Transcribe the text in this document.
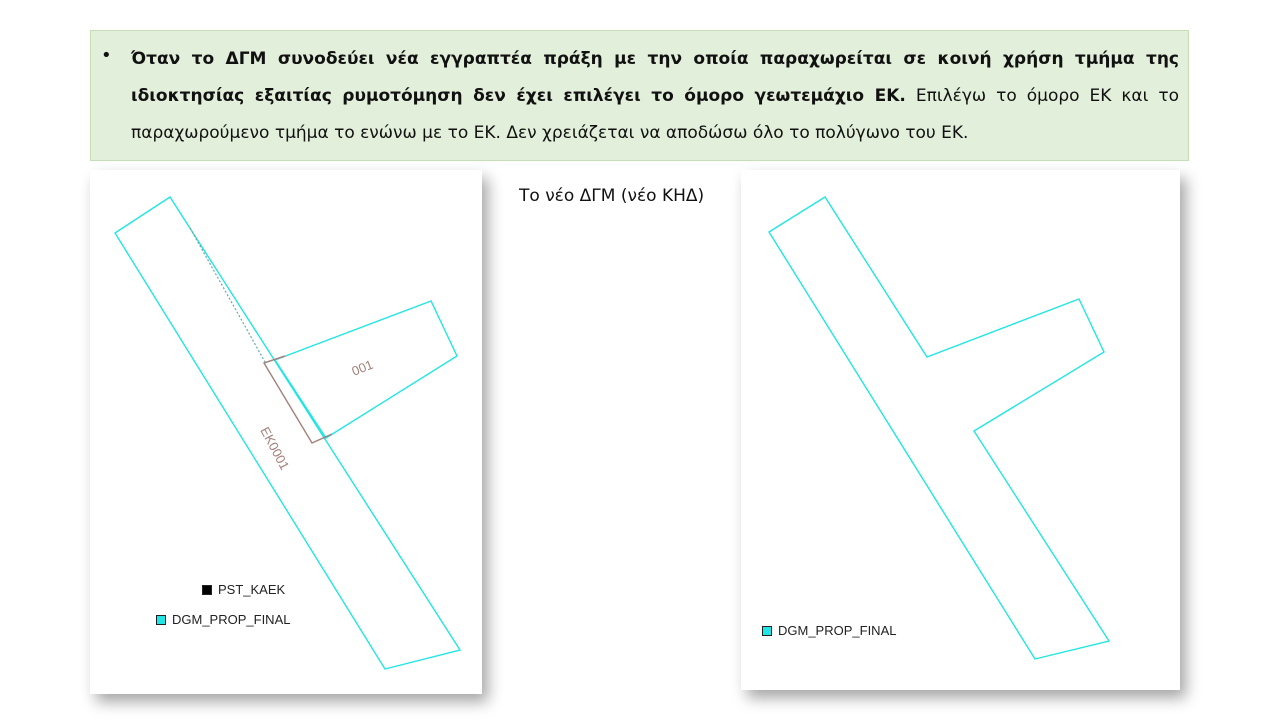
• Όταν το ΔΓΜ συνοδεύει νέα εγγραπτέα πράξη με την οποία παραχωρείται σε κοινή χρήση τμήμα της ιδιοκτησίας εξαιτίας ρυμοτόμηση δεν έχει επιλέγει το όμορο γεωτεμάχιο ΕΚ. Επιλέγω το όμορο ΕΚ και το παραχωρούμενο τμήμα το ενώνω με το ΕΚ. Δεν χρειάζεται να αποδώσω όλο το πολύγωνο του ΕΚ.
001
EK0001
PST_KAEK
DGM_PROP_FINAL
Το νέο ΔΓΜ (νέο ΚΗΔ)
DGM_PROP_FINAL
